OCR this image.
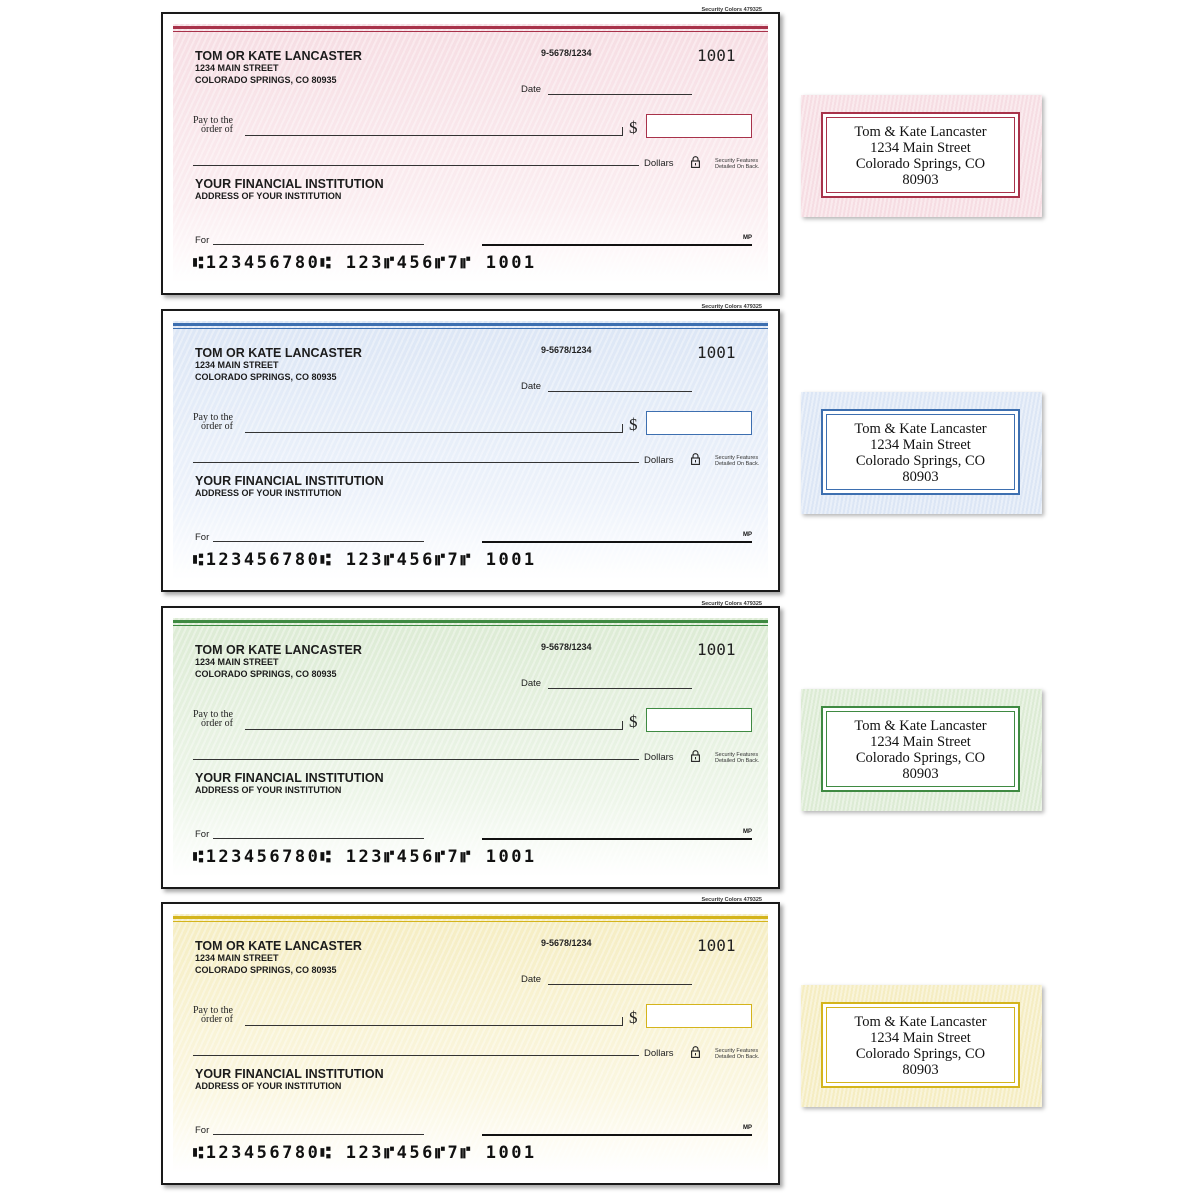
TOM OR KATE LANCASTER
1234 MAIN STREET
COLORADO SPRINGS, CO 80935
9-5678/1234	1001
Date
Pay to the
order of	$
Dollars	Security Features
Detailed On Back.
YOUR FINANCIAL INSTITUTION
ADDRESS OF YOUR INSTITUTION
For	MP
⑆123456780⑆ 123⑈456⑈7⑈ 1001
Security Colors 479325
Tom & Kate Lancaster
1234 Main Street
Colorado Springs, CO
80903
TOM OR KATE LANCASTER
1234 MAIN STREET
COLORADO SPRINGS, CO 80935
9-5678/1234	1001
Date
Pay to the
order of	$
Dollars	Security Features
Detailed On Back.
YOUR FINANCIAL INSTITUTION
ADDRESS OF YOUR INSTITUTION
For	MP
⑆123456780⑆ 123⑈456⑈7⑈ 1001
Security Colors 479325
Tom & Kate Lancaster
1234 Main Street
Colorado Springs, CO
80903
TOM OR KATE LANCASTER
1234 MAIN STREET
COLORADO SPRINGS, CO 80935
9-5678/1234	1001
Date
Pay to the
order of	$
Dollars	Security Features
Detailed On Back.
YOUR FINANCIAL INSTITUTION
ADDRESS OF YOUR INSTITUTION
For	MP
⑆123456780⑆ 123⑈456⑈7⑈ 1001
Security Colors 479325
Tom & Kate Lancaster
1234 Main Street
Colorado Springs, CO
80903
TOM OR KATE LANCASTER
1234 MAIN STREET
COLORADO SPRINGS, CO 80935
9-5678/1234	1001
Date
Pay to the
order of	$
Dollars	Security Features
Detailed On Back.
YOUR FINANCIAL INSTITUTION
ADDRESS OF YOUR INSTITUTION
For	MP
⑆123456780⑆ 123⑈456⑈7⑈ 1001
Security Colors 479325
Tom & Kate Lancaster
1234 Main Street
Colorado Springs, CO
80903
